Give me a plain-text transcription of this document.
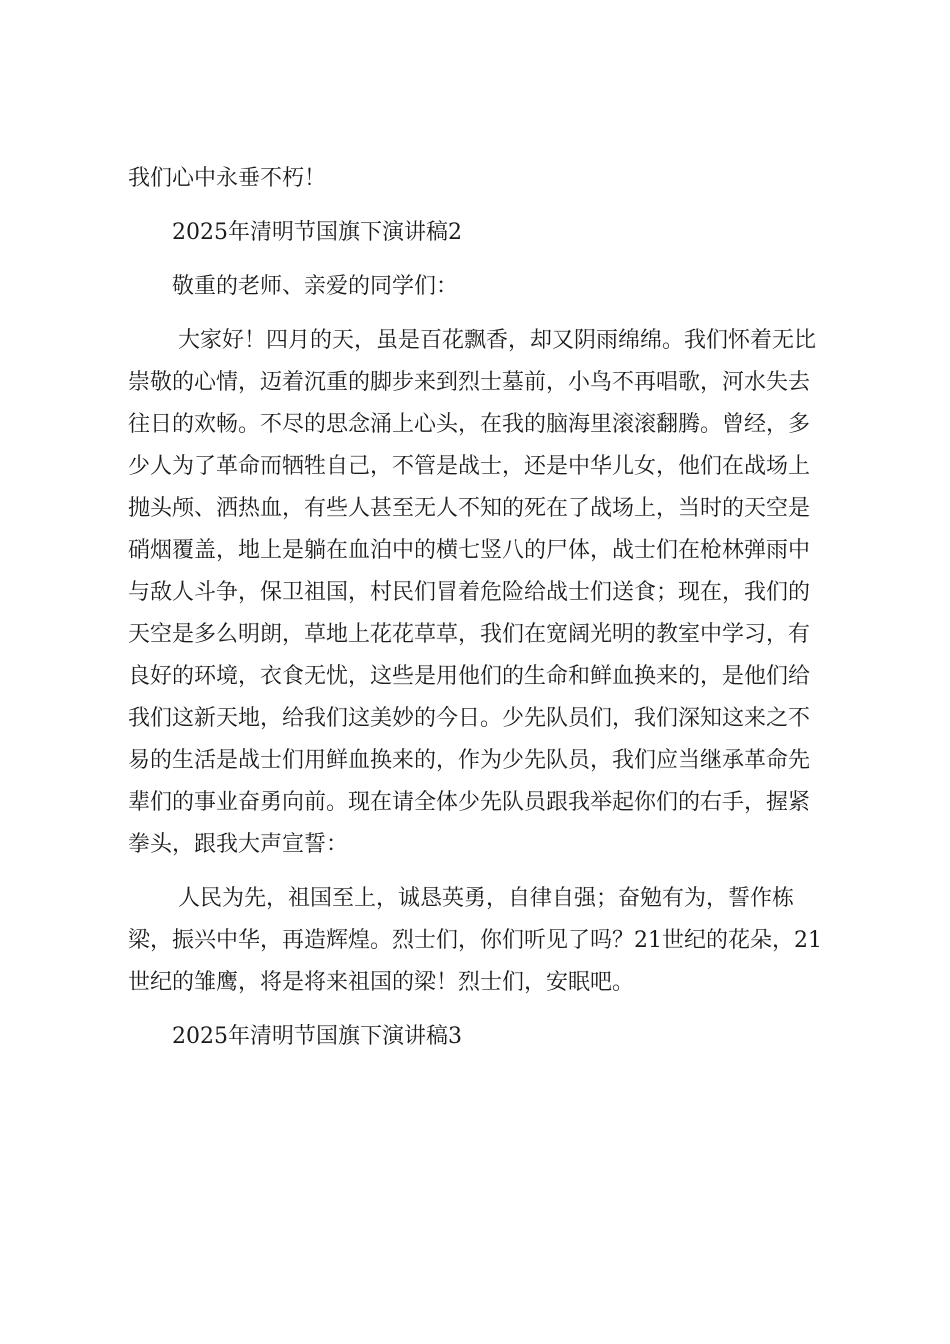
我们心中永垂不朽！

2025年清明节国旗下演讲稿2

敬重的老师、亲爱的同学们：

大家好！四月的天，虽是百花飘香，却又阴雨绵绵。我们怀着无比

崇敬的心情，迈着沉重的脚步来到烈士墓前，小鸟不再唱歌，河水失去

往日的欢畅。不尽的思念涌上心头，在我的脑海里滚滚翻腾。曾经，多

少人为了革命而牺牲自己，不管是战士，还是中华儿女，他们在战场上

抛头颅、洒热血，有些人甚至无人不知的死在了战场上，当时的天空是

硝烟覆盖，地上是躺在血泊中的横七竖八的尸体，战士们在枪林弹雨中

与敌人斗争，保卫祖国，村民们冒着危险给战士们送食；现在，我们的

天空是多么明朗，草地上花花草草，我们在宽阔光明的教室中学习，有

良好的环境，衣食无忧，这些是用他们的生命和鲜血换来的，是他们给

我们这新天地，给我们这美妙的今日。少先队员们，我们深知这来之不

易的生活是战士们用鲜血换来的，作为少先队员，我们应当继承革命先

辈们的事业奋勇向前。现在请全体少先队员跟我举起你们的右手，握紧

拳头，跟我大声宣誓：

人民为先，祖国至上，诚恳英勇，自律自强；奋勉有为，誓作栋

梁，振兴中华，再造辉煌。烈士们，你们听见了吗？21世纪的花朵，21

世纪的雏鹰，将是将来祖国的梁！烈士们，安眠吧。

2025年清明节国旗下演讲稿3
